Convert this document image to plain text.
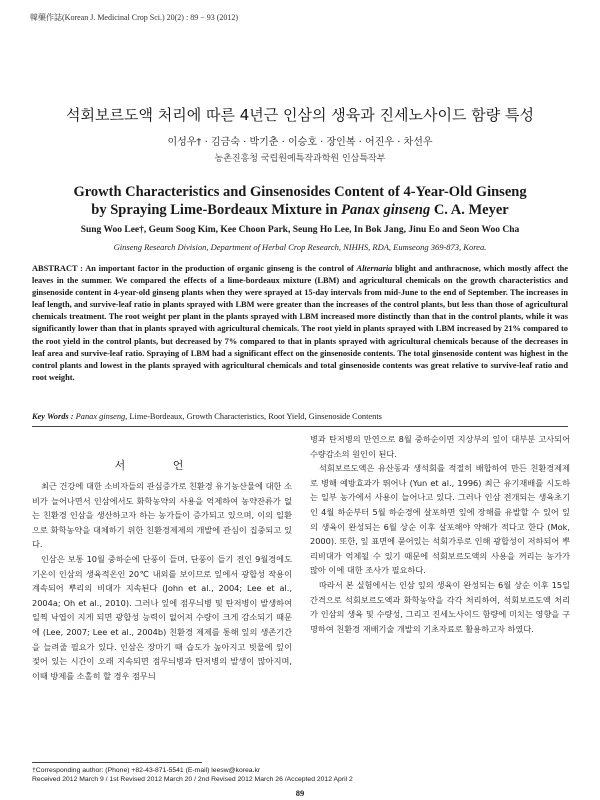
韓藥作誌(Korean J. Medicinal Crop Sci.) 20(2) : 89 − 93 (2012)
석회보르도액 처리에 따른 4년근 인삼의 생육과 진세노사이드 함량 특성
이성우† · 김금숙 · 박기춘 · 이승호 · 장인복 · 어진우 · 차선우
농촌진흥청 국립원예특작과학원 인삼특작부
Growth Characteristics and Ginsenosides Content of 4-Year-Old Ginseng
by Spraying Lime-Bordeaux Mixture in Panax ginseng C. A. Meyer
Sung Woo Lee†, Geum Soog Kim, Kee Choon Park, Seung Ho Lee, In Bok Jang, Jinu Eo and Seon Woo Cha
Ginseng Research Division, Department of Herbal Crop Research, NIHHS, RDA, Eumseong 369-873, Korea.
ABSTRACT : An important factor in the production of organic ginseng is the control of Alternaria blight and anthracnose, which mostly affect the leaves in the summer. We compared the effects of a lime-bordeaux mixture (LBM) and agricultural chemicals on the growth characteristics and ginsenoside content in 4-year-old ginseng plants when they were sprayed at 15-day intervals from mid-June to the end of September. The increases in leaf length, and survive-leaf ratio in plants sprayed with LBM were greater than the increases of the control plants, but less than those of agricultural chemicals treatment. The root weight per plant in the plants sprayed with LBM increased more distinctly than that in the control plants, while it was significantly lower than that in plants sprayed with agricultural chemicals. The root yield in plants sprayed with LBM increased by 21% compared to the root yield in the control plants, but decreased by 7% compared to that in plants sprayed with agricultural chemicals because of the decreases in leaf area and survive-leaf ratio. Spraying of LBM had a significant effect on the ginsenoside contents. The total ginsenoside content was highest in the control plants and lowest in the plants sprayed with agricultural chemicals and total ginsenoside contents was great relative to survive-leaf ratio and root weight.
Key Words : Panax ginseng, Lime-Bordeaux, Growth Characteristics, Root Yield, Ginsenoside Contents
서 언

최근 건강에 대한 소비자들의 관심증가로 친환경 유기농산물에 대한 소비가 늘어나면서 인삼에서도 화학농약의 사용을 억제하여 농약잔류가 없는 친환경 인삼을 생산하고자 하는 농가들이 증가되고 있으며, 이의 일환으로 화학농약을 대체하기 위한 친환경제제의 개발에 관심이 집중되고 있다.

인삼은 보통 10월 중하순에 단풍이 들며, 단풍이 들기 전인 9월경에도 기온이 인삼의 생육적온인 20℃ 내외를 보이므로 잎에서 광합성 작용이 계속되어 뿌리의 비대가 지속된다 (John et al., 2004; Lee et al., 2004a; Oh et al., 2010). 그러나 잎에 점무늬병 및 탄저병이 발생하여 일찍 낙엽이 지게 되면 광합성 능력이 없어져 수량이 크게 감소되기 때문에 (Lee, 2007; Lee et al., 2004b) 친환경 제제를 통해 잎의 생존기간을 늘려줄 필요가 있다. 인삼은 장마기 때 습도가 높아지고 빗물에 잎이 젖어 있는 시간이 오래 지속되면 점무늬병과 탄저병의 발생이 많아지며, 이때 방제를 소홀히 할 경우 점무늬

병과 탄저병의 만연으로 8월 중하순이면 지상부의 잎이 대부분 고사되어 수량감소의 원인이 된다.

석회보르도액은 유산동과 생석회를 적절히 배합하여 만든 친환경제제로 병해 예방효과가 뛰어나 (Yun et al., 1996) 최근 유기재배를 시도하는 일부 농가에서 사용이 늘어나고 있다. 그러나 인삼 전개되는 생육초기인 4월 하순부터 5월 하순경에 살포하면 잎에 장해를 유발할 수 있어 잎의 생육이 완성되는 6월 상순 이후 살포해야 약해가 적다고 한다 (Mok, 2000). 또한, 잎 표면에 묻어있는 석회가루로 인해 광합성이 저하되어 뿌리비대가 억제될 수 있기 때문에 석회보르도액의 사용을 꺼리는 농가가 많아 이에 대한 조사가 필요하다.

따라서 본 실험에서는 인삼 잎의 생육이 완성되는 6월 상순 이후 15일 간격으로 석회보르도액과 화학농약을 각각 처리하여, 석회보르도액 처리가 인삼의 생육 및 수량성, 그리고 진세노사이드 함량에 미치는 영향을 구명하여 친환경 재배기술 개발의 기초자료로 활용하고자 하였다.

†Corresponding author: (Phone) +82-43-871-5541 (E-mail) leesw@korea.kr
Received 2012 March 9 / 1st Revised 2012 March 20 / 2nd Revised 2012 March 26 /Accepted 2012 April 2
89
